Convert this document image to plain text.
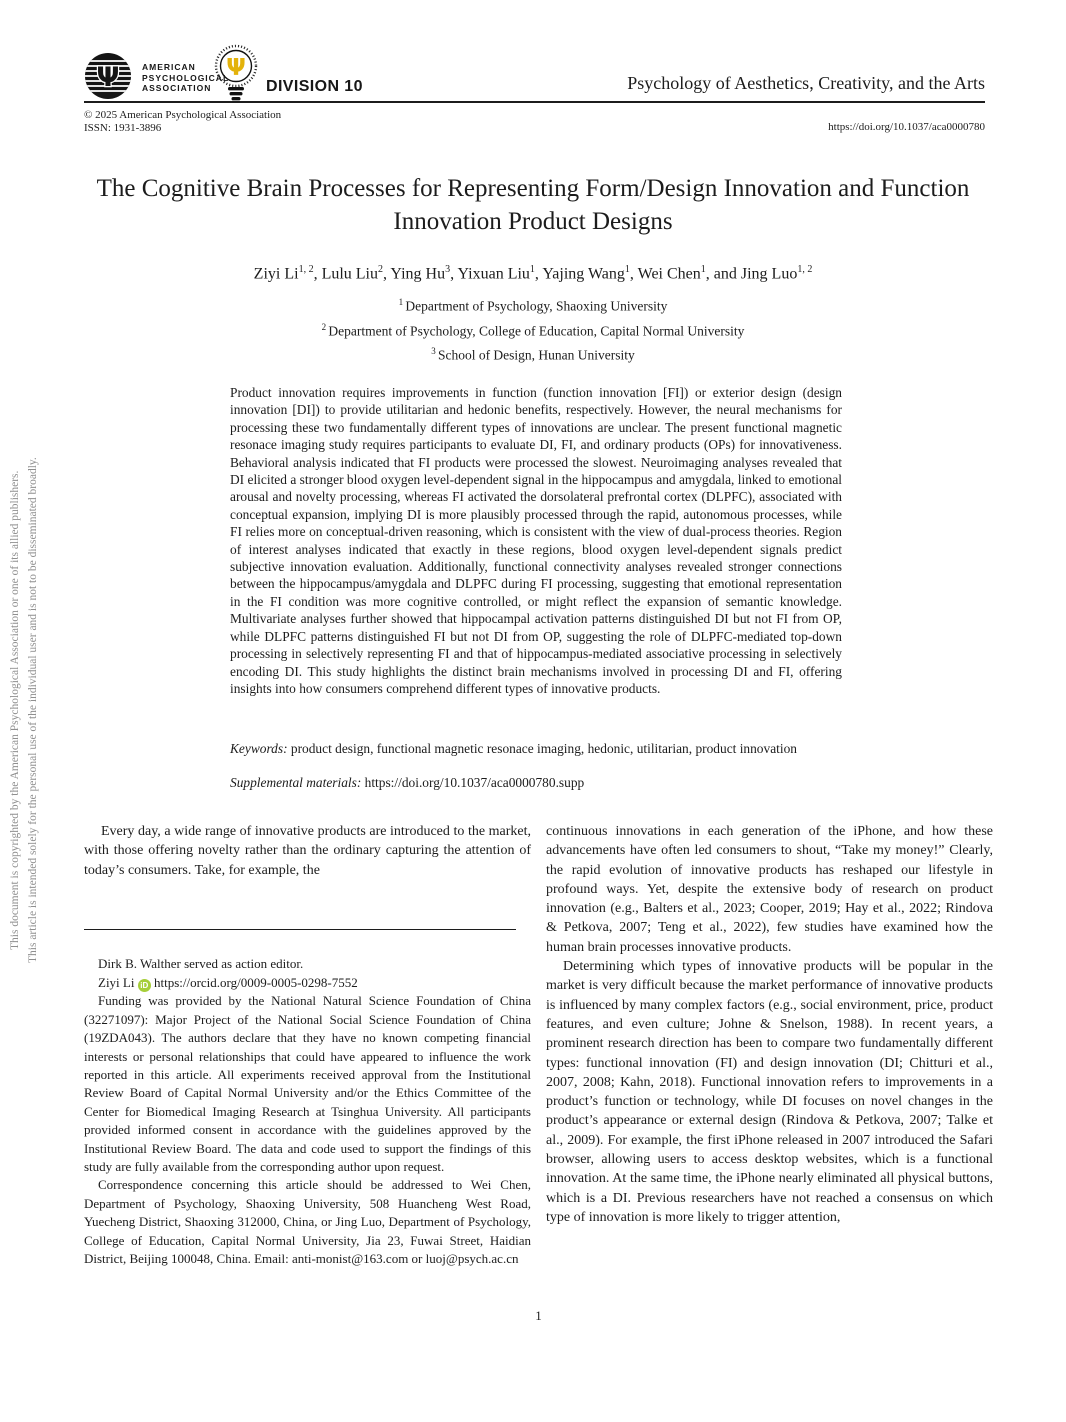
This document is copyrighted by the American Psychological Association or one of its allied publishers. This article is intended solely for the personal use of the individual user and is not to be disseminated broadly.
Ψ	AMERICAN
PSYCHOLOGICAL
ASSOCIATION
Ψ
DIVISION 10	Psychology of Aesthetics, Creativity, and the Arts
© 2025 American Psychological Association
ISSN: 1931-3896	https://doi.org/10.1037/aca0000780
The Cognitive Brain Processes for Representing Form/Design Innovation and Function Innovation Product Designs
Ziyi Li$^{1, 2}$, Lulu Liu$^2$, Ying Hu$^3$, Yixuan Liu$^1$, Yajing Wang$^1$, Wei Chen$^1$, and Jing Luo$^{1, 2}$
$^1$ Department of Psychology, Shaoxing University
$^2$ Department of Psychology, College of Education, Capital Normal University
$^3$ School of Design, Hunan University
Product innovation requires improvements in function (function innovation [FI]) or exterior design (design innovation [DI]) to provide utilitarian and hedonic benefits, respectively. However, the neural mechanisms for processing these two fundamentally different types of innovations are unclear. The present functional magnetic resonace imaging study requires participants to evaluate DI, FI, and ordinary products (OPs) for innovativeness. Behavioral analysis indicated that FI products were processed the slowest. Neuroimaging analyses revealed that DI elicited a stronger blood oxygen level-dependent signal in the hippocampus and amygdala, linked to emotional arousal and novelty processing, whereas FI activated the dorsolateral prefrontal cortex (DLPFC), associated with conceptual expansion, implying DI is more plausibly processed through the rapid, autonomous processes, while FI relies more on conceptual-driven reasoning, which is consistent with the view of dual-process theories. Region of interest analyses indicated that exactly in these regions, blood oxygen level-dependent signals predict subjective innovation evaluation. Additionally, functional connectivity analyses revealed stronger connections between the hippocampus/amygdala and DLPFC during FI processing, suggesting that emotional representation in the FI condition was more cognitive controlled, or might reflect the expansion of semantic knowledge. Multivariate analyses further showed that hippocampal activation patterns distinguished DI but not FI from OP, while DLPFC patterns distinguished FI but not DI from OP, suggesting the role of DLPFC-mediated top-down processing in selectively representing FI and that of hippocampus-mediated associative processing in selectively encoding DI. This study highlights the distinct brain mechanisms involved in processing DI and FI, offering insights into how consumers comprehend different types of innovative products.
Keywords: product design, functional magnetic resonace imaging, hedonic, utilitarian, product innovation
Supplemental materials: https://doi.org/10.1037/aca0000780.supp

Every day, a wide range of innovative products are introduced to the market, with those offering novelty rather than the ordinary capturing the attention of today’s consumers. Take, for example, the

Dirk B. Walther served as action editor.

Ziyi Li iD https://orcid.org/0009-0005-0298-7552

Funding was provided by the National Natural Science Foundation of China (32271097): Major Project of the National Social Science Foundation of China (19ZDA043). The authors declare that they have no known competing financial interests or personal relationships that could have appeared to influence the work reported in this article. All experiments received approval from the Institutional Review Board of Capital Normal University and/or the Ethics Committee of the Center for Biomedical Imaging Research at Tsinghua University. All participants provided informed consent in accordance with the guidelines approved by the Institutional Review Board. The data and code used to support the findings of this study are fully available from the corresponding author upon request.

Correspondence concerning this article should be addressed to Wei Chen, Department of Psychology, Shaoxing University, 508 Huancheng West Road, Yuecheng District, Shaoxing 312000, China, or Jing Luo, Department of Psychology, College of Education, Capital Normal University, Jia 23, Fuwai Street, Haidian District, Beijing 100048, China. Email: anti-monist@163.com or luoj@psych.ac.cn

continuous innovations in each generation of the iPhone, and how these advancements have often led consumers to shout, “Take my money!” Clearly, the rapid evolution of innovative products has reshaped our lifestyle in profound ways. Yet, despite the extensive body of research on product innovation (e.g., Balters et al., 2023; Cooper, 2019; Hay et al., 2022; Rindova & Petkova, 2007; Teng et al., 2022), few studies have examined how the human brain processes innovative products.

Determining which types of innovative products will be popular in the market is very difficult because the market performance of innovative products is influenced by many complex factors (e.g., social environment, price, product features, and even culture; Johne & Snelson, 1988). In recent years, a prominent research direction has been to compare two fundamentally different types: functional innovation (FI) and design innovation (DI; Chitturi et al., 2007, 2008; Kahn, 2018). Functional innovation refers to improvements in a product’s function or technology, while DI focuses on novel changes in the product’s appearance or external design (Rindova & Petkova, 2007; Talke et al., 2009). For example, the first iPhone released in 2007 introduced the Safari browser, allowing users to access desktop websites, which is a functional innovation. At the same time, the iPhone nearly eliminated all physical buttons, which is a DI. Previous researchers have not reached a consensus on which type of innovation is more likely to trigger attention,

1
